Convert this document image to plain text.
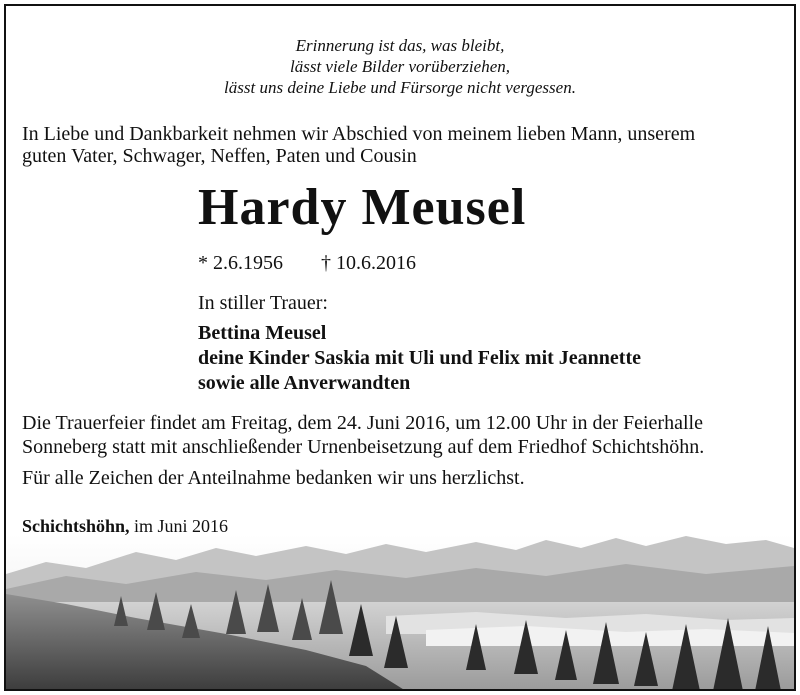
Erinnerung ist das, was bleibt,
lässt viele Bilder vorüberziehen,
lässt uns deine Liebe und Fürsorge nicht vergessen.
In Liebe und Dankbarkeit nehmen wir Abschied von meinem lieben Mann, unserem
guten Vater, Schwager, Neffen, Paten und Cousin
Hardy Meusel
* 2.6.1956 † 10.6.2016
In stiller Trauer:
Bettina Meusel
deine Kinder Saskia mit Uli und Felix mit Jeannette
sowie alle Anverwandten
Die Trauerfeier findet am Freitag, dem 24. Juni 2016, um 12.00 Uhr in der Feierhalle
Sonneberg statt mit anschließender Urnenbeisetzung auf dem Friedhof Schichtshöhn.
Für alle Zeichen der Anteilnahme bedanken wir uns herzlichst.
Schichtshöhn, im Juni 2016
